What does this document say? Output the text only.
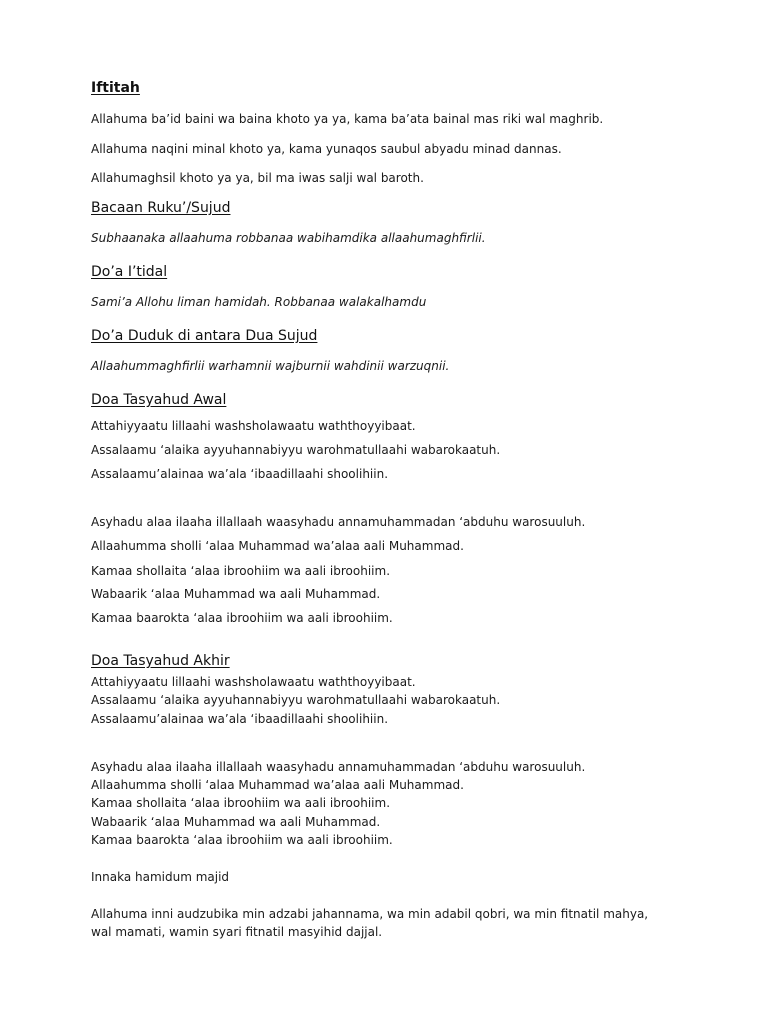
Iftitah
Allahuma ba’id baini wa baina khoto ya ya, kama ba’ata bainal mas riki wal maghrib.
Allahuma naqini minal khoto ya, kama yunaqos saubul abyadu minad dannas.
Allahumaghsil khoto ya ya, bil ma iwas salji wal baroth.
Bacaan Ruku’/Sujud
Subhaanaka allaahuma robbanaa wabihamdika allaahumaghfirlii.
Do’a I’tidal
Sami’a Allohu liman hamidah. Robbanaa walakalhamdu
Do’a Duduk di antara Dua Sujud
Allaahummaghfirlii warhamnii wajburnii wahdinii warzuqnii.
Doa Tasyahud Awal
Attahiyyaatu lillaahi washsholawaatu waththoyyibaat.
Assalaamu ‘alaika ayyuhannabiyyu warohmatullaahi wabarokaatuh.
Assalaamu’alainaa wa’ala ‘ibaadillaahi shoolihiin.
Asyhadu alaa ilaaha illallaah waasyhadu annamuhammadan ‘abduhu warosuuluh.
Allaahumma sholli ‘alaa Muhammad wa’alaa aali Muhammad.
Kamaa shollaita ‘alaa ibroohiim wa aali ibroohiim.
Wabaarik ‘alaa Muhammad wa aali Muhammad.
Kamaa baarokta ‘alaa ibroohiim wa aali ibroohiim.
Doa Tasyahud Akhir
Attahiyyaatu lillaahi washsholawaatu waththoyyibaat.
Assalaamu ‘alaika ayyuhannabiyyu warohmatullaahi wabarokaatuh.
Assalaamu’alainaa wa’ala ‘ibaadillaahi shoolihiin.
Asyhadu alaa ilaaha illallaah waasyhadu annamuhammadan ‘abduhu warosuuluh.
Allaahumma sholli ‘alaa Muhammad wa’alaa aali Muhammad.
Kamaa shollaita ‘alaa ibroohiim wa aali ibroohiim.
Wabaarik ‘alaa Muhammad wa aali Muhammad.
Kamaa baarokta ‘alaa ibroohiim wa aali ibroohiim.
Innaka hamidum majid
Allahuma inni audzubika min adzabi jahannama, wa min adabil qobri, wa min fitnatil mahya,
wal mamati, wamin syari fitnatil masyihid dajjal.
